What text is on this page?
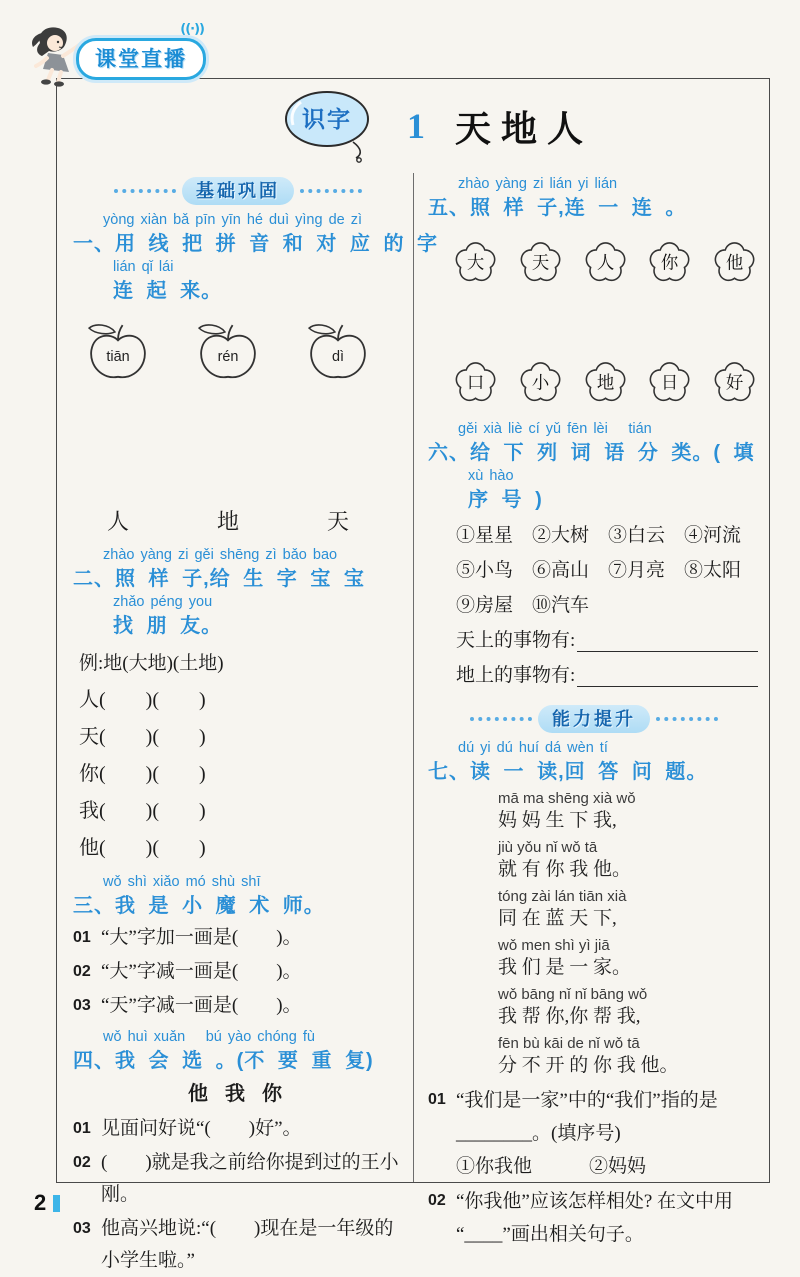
((·))
课堂直播
识字 1 天地人
基础巩固
yòng xiàn bǎ pīn yīn hé duì yìng de zì
一、用 线 把 拼 音 和 对 应 的 字
lián qǐ lái
连 起 来。
tiān	rén	dì
人	地	天
zhào yàng zi gěi shēng zì bǎo bao
二、照 样 子,给 生 字 宝 宝
zhǎo péng you
找 朋 友。
例:地(大地)(土地)
人(　　)(　　)
天(　　)(　　)
你(　　)(　　)
我(　　)(　　)
他(　　)(　　)
wǒ shì xiǎo mó shù shī
三、我 是 小 魔 术 师。
01 “大”字加一画是(　　)。
02 “大”字减一画是(　　)。
03 “天”字减一画是(　　)。
wǒ huì xuǎn　 bú yào chóng fù
四、我 会 选 。(不 要 重 复)
他 我 你
01 见面问好说“(　　)好”。
02 (　　)就是我之前给你提到过的王小刚。
03 他高兴地说:“(　　)现在是一年级的小学生啦。”
zhào yàng zi lián yi lián
五、照 样 子,连 一 连 。
大 天 人 你 他
口 小 地 日 好
gěi xià liè cí yǔ fēn lèi　 tián
六、给 下 列 词 语 分 类。( 填
xù hào
序 号 )
①星星　②大树　③白云　④河流　⑤小鸟　⑥高山　⑦月亮　⑧太阳　⑨房屋　⑩汽车
天上的事物有:
地上的事物有:
能力提升
dú yi dú huí dá wèn tí
七、读 一 读,回 答 问 题。
mā ma shēng xià wǒ
妈 妈 生 下 我,
jiù yǒu nǐ wǒ tā
就 有 你 我 他。
tóng zài lán tiān xià
同 在 蓝 天 下,
wǒ men shì yì jiā
我 们 是 一 家。
wǒ bāng nǐ nǐ bāng wǒ
我 帮 你,你 帮 我,
fēn bù kāi de nǐ wǒ tā
分 不 开 的 你 我 他。
01 “我们是一家”中的“我们”指的是
________。(填序号)
①你我他　　　②妈妈
02 “你我他”应该怎样相处? 在文中用
“____”画出相关句子。
2
